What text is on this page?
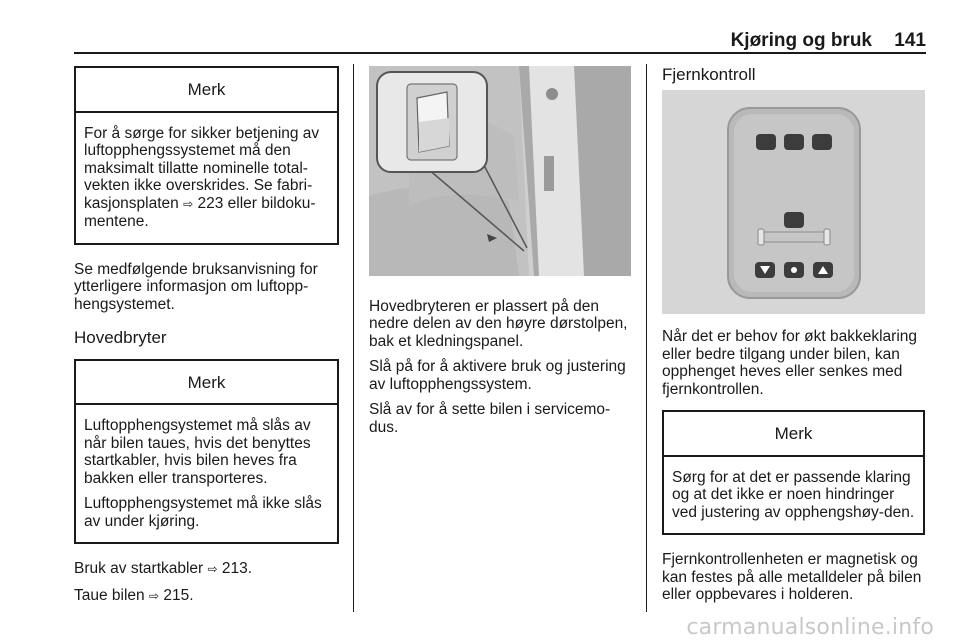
Kjøring og bruk 141
Merk

For å sørge for sikker betjening av luftopphengssystemet må den maksimalt tillatte nominelle total-vekten ikke overskrides. Se fabri-kasjonsplaten ⇨ 223 eller bildoku-mentene.

Se medfølgende bruksanvisning for ytterligere informasjon om luftopp-hengsystemet.

Hovedbryter
Merk

Luftopphengsystemet må slås av når bilen taues, hvis det benyttes startkabler, hvis bilen heves fra bakken eller transporteres.

Luftopphengsystemet må ikke slås av under kjøring.

Bruk av startkabler ⇨ 213.

Taue bilen ⇨ 215.

Hovedbryteren er plassert på den nedre delen av den høyre dørstolpen, bak et kledningspanel.

Slå på for å aktivere bruk og justering av luftopphengssystem.

Slå av for å sette bilen i servicemo-dus.

Fjernkontroll

Når det er behov for økt bakkeklaring eller bedre tilgang under bilen, kan opphenget heves eller senkes med fjernkontrollen.

Merk

Sørg for at det er passende klaring og at det ikke er noen hindringer ved justering av opphengshøy-den.

Fjernkontrollenheten er magnetisk og kan festes på alle metalldeler på bilen eller oppbevares i holderen.

carmanualsonline.info
